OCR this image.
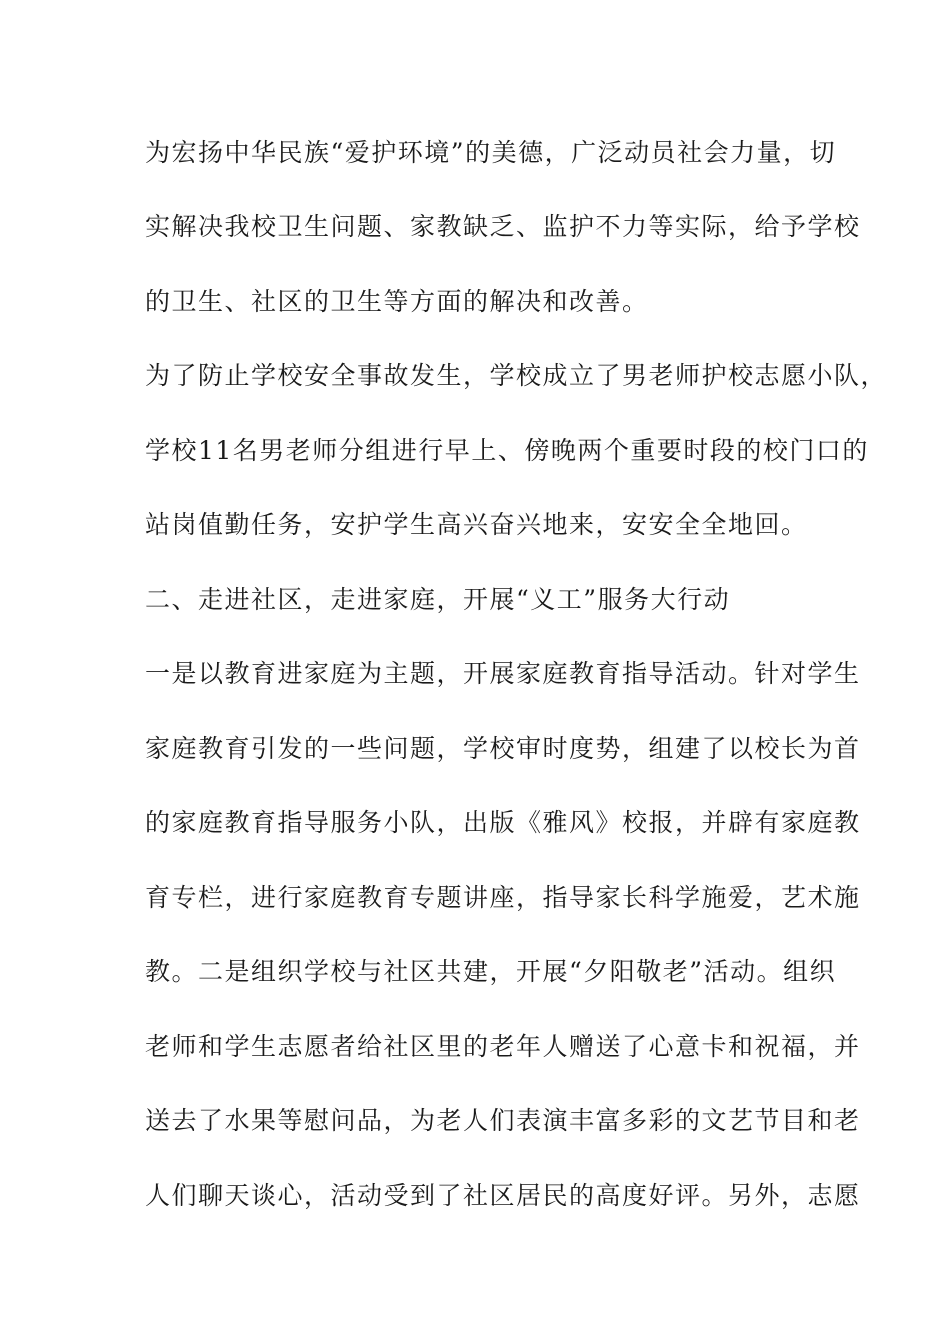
为宏扬中华民族“爱护环境”的美德，广泛动员社会力量，切
实解决我校卫生问题、家教缺乏、监护不力等实际，给予学校
的卫生、社区的卫生等方面的解决和改善。
为了防止学校安全事故发生，学校成立了男老师护校志愿小队，
学校11名男老师分组进行早上、傍晚两个重要时段的校门口的
站岗值勤任务，安护学生高兴奋兴地来，安安全全地回。
二、走进社区，走进家庭，开展“义工”服务大行动
一是以教育进家庭为主题，开展家庭教育指导活动。针对学生
家庭教育引发的一些问题，学校审时度势，组建了以校长为首
的家庭教育指导服务小队，出版《雅风》校报，并辟有家庭教
育专栏，进行家庭教育专题讲座，指导家长科学施爱，艺术施
教。二是组织学校与社区共建，开展“夕阳敬老”活动。组织
老师和学生志愿者给社区里的老年人赠送了心意卡和祝福，并
送去了水果等慰问品，为老人们表演丰富多彩的文艺节目和老
人们聊天谈心，活动受到了社区居民的高度好评。另外，志愿
